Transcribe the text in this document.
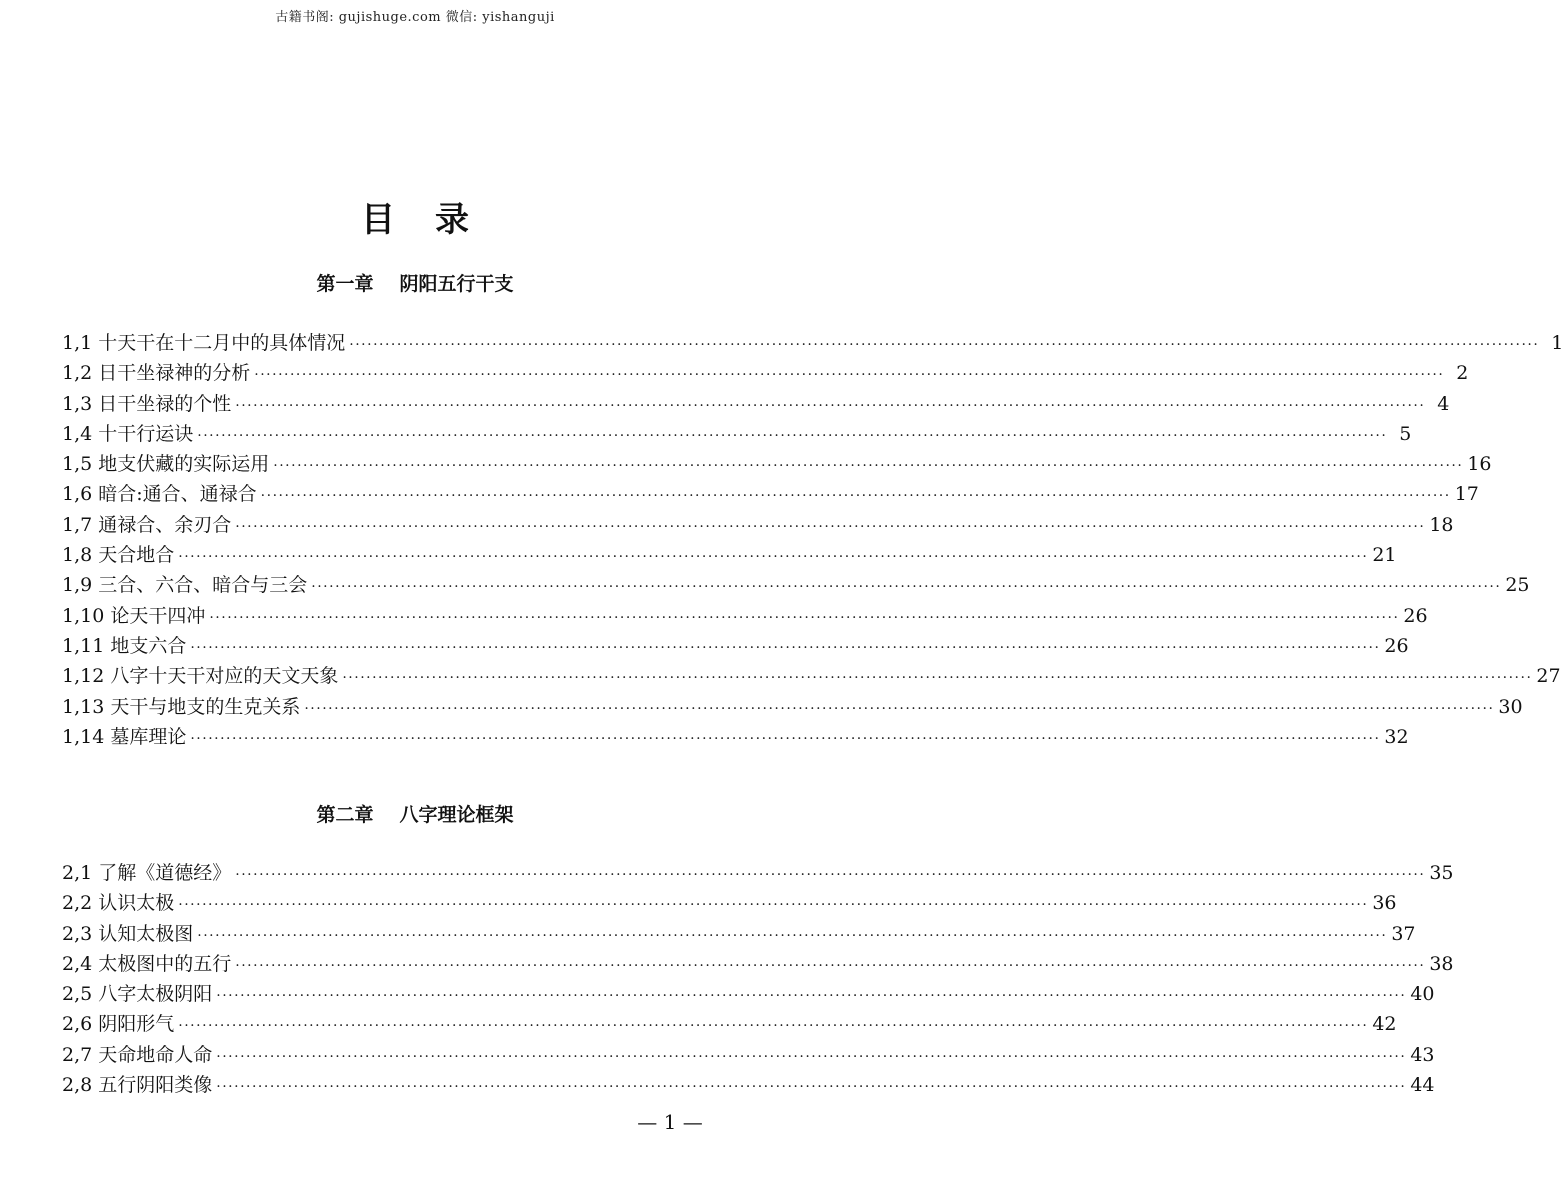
古籍书阁: gujishuge.com 微信: yishanguji
目录
第一章 阴阳五行干支
1,1 十天干在十二月中的具体情况 ········································································································································································································ 1
1,2 日干坐禄神的分析 ········································································································································································································ 2
1,3 日干坐禄的个性 ········································································································································································································ 4
1,4 十干行运诀 ········································································································································································································ 5
1,5 地支伏藏的实际运用 ········································································································································································································ 16
1,6 暗合:通合、通禄合 ········································································································································································································ 17
1,7 通禄合、余刃合 ········································································································································································································ 18
1,8 天合地合 ········································································································································································································ 21
1,9 三合、六合、暗合与三会 ········································································································································································································ 25
1,10 论天干四冲 ········································································································································································································ 26
1,11 地支六合 ········································································································································································································ 26
1,12 八字十天干对应的天文天象 ········································································································································································································ 27
1,13 天干与地支的生克关系 ········································································································································································································ 30
1,14 墓库理论 ········································································································································································································ 32
第二章 八字理论框架
2,1 了解《道德经》 ········································································································································································································ 35
2,2 认识太极 ········································································································································································································ 36
2,3 认知太极图 ········································································································································································································ 37
2,4 太极图中的五行 ········································································································································································································ 38
2,5 八字太极阴阳 ········································································································································································································ 40
2,6 阴阳形气 ········································································································································································································ 42
2,7 天命地命人命 ········································································································································································································ 43
2,8 五行阴阳类像 ········································································································································································································ 44
— 1 —
